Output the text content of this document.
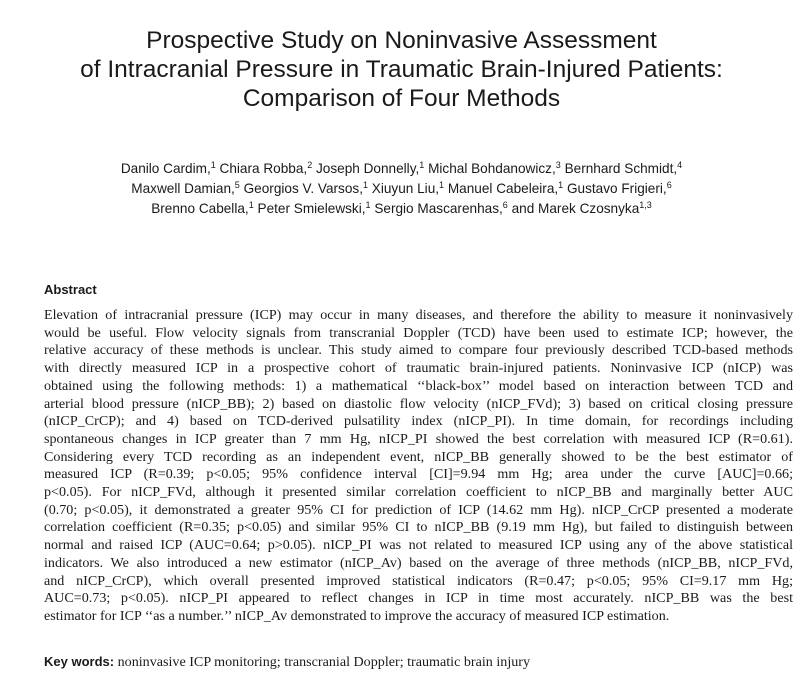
Prospective Study on Noninvasive Assessment
of Intracranial Pressure in Traumatic Brain-Injured Patients:
Comparison of Four Methods
Danilo Cardim,$^1$ Chiara Robba,$^2$ Joseph Donnelly,$^1$ Michal Bohdanowicz,$^3$ Bernhard Schmidt,$^4$
Maxwell Damian,$^5$ Georgios V. Varsos,$^1$ Xiuyun Liu,$^1$ Manuel Cabeleira,$^1$ Gustavo Frigieri,$^6$
Brenno Cabella,$^1$ Peter Smielewski,$^1$ Sergio Mascarenhas,$^6$ and Marek Czosnyka$^{1,3}$
Abstract
Elevation of intracranial pressure (ICP) may occur in many diseases, and therefore the ability to measure it noninvasively
would be useful. Flow velocity signals from transcranial Doppler (TCD) have been used to estimate ICP; however, the
relative accuracy of these methods is unclear. This study aimed to compare four previously described TCD-based methods
with directly measured ICP in a prospective cohort of traumatic brain-injured patients. Noninvasive ICP (nICP) was
obtained using the following methods: 1) a mathematical ‘‘black-box’’ model based on interaction between TCD and
arterial blood pressure (nICP_BB); 2) based on diastolic flow velocity (nICP_FVd); 3) based on critical closing pressure
(nICP_CrCP); and 4) based on TCD-derived pulsatility index (nICP_PI). In time domain, for recordings including
spontaneous changes in ICP greater than 7 mm Hg, nICP_PI showed the best correlation with measured ICP (R=0.61).
Considering every TCD recording as an independent event, nICP_BB generally showed to be the best estimator of
measured ICP (R=0.39; p<0.05; 95% confidence interval [CI]=9.94 mm Hg; area under the curve [AUC]=0.66;
p<0.05). For nICP_FVd, although it presented similar correlation coefficient to nICP_BB and marginally better AUC
(0.70; p<0.05), it demonstrated a greater 95% CI for prediction of ICP (14.62 mm Hg). nICP_CrCP presented a moderate
correlation coefficient (R=0.35; p<0.05) and similar 95% CI to nICP_BB (9.19 mm Hg), but failed to distinguish between
normal and raised ICP (AUC=0.64; p>0.05). nICP_PI was not related to measured ICP using any of the above statistical
indicators. We also introduced a new estimator (nICP_Av) based on the average of three methods (nICP_BB, nICP_FVd,
and nICP_CrCP), which overall presented improved statistical indicators (R=0.47; p<0.05; 95% CI=9.17 mm Hg;
AUC=0.73; p<0.05). nICP_PI appeared to reflect changes in ICP in time most accurately. nICP_BB was the best
estimator for ICP ‘‘as a number.’’ nICP_Av demonstrated to improve the accuracy of measured ICP estimation.
Key words: noninvasive ICP monitoring; transcranial Doppler; traumatic brain injury
